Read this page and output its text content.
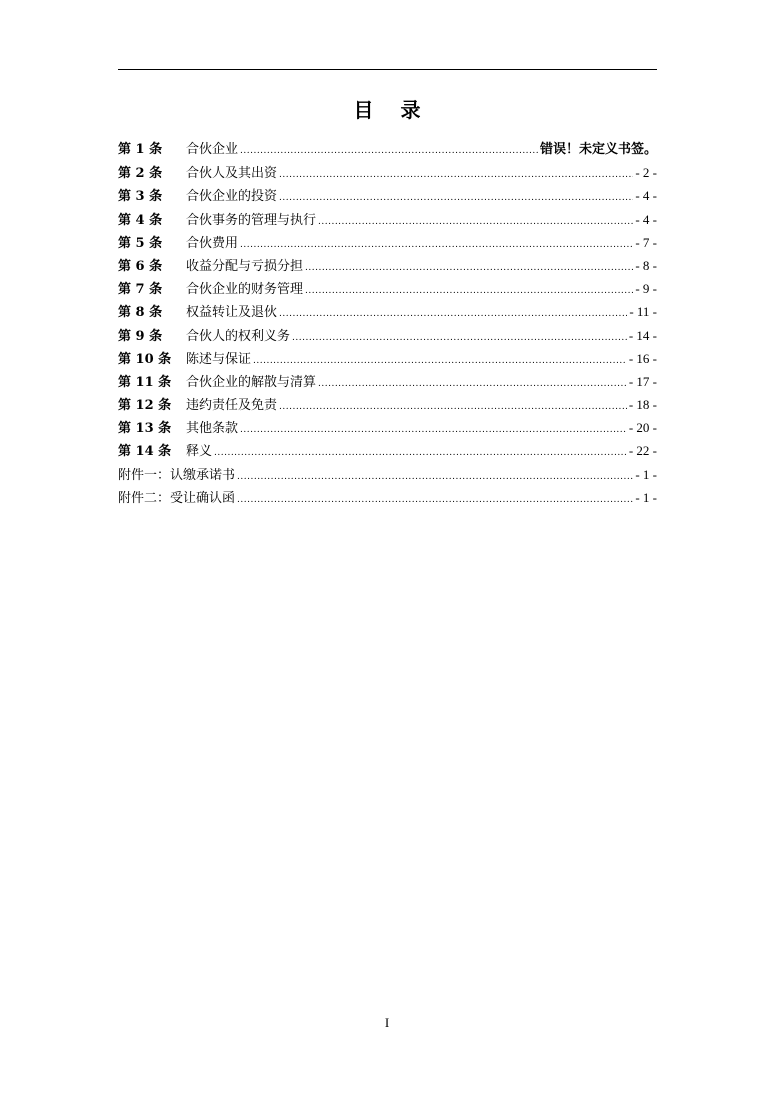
目 录
第 1 条	合伙企业 .....	错误！未定义书签。
第 2 条	合伙人及其出资 .....	- 2 -
第 3 条	合伙企业的投资 .....	- 4 -
第 4 条	合伙事务的管理与执行 .....	- 4 -
第 5 条	合伙费用 .....	- 7 -
第 6 条	收益分配与亏损分担 .....	- 8 -
第 7 条	合伙企业的财务管理 .....	- 9 -
第 8 条	权益转让及退伙 .....	- 11 -
第 9 条	合伙人的权利义务 .....	- 14 -
第 10 条	陈述与保证 .....	- 16 -
第 11 条	合伙企业的解散与清算 .....	- 17 -
第 12 条	违约责任及免责 .....	- 18 -
第 13 条	其他条款 .....	- 20 -
第 14 条	释义 .....	- 22 -
附件一： 认缴承诺书 .....	- 1 -
附件二： 受让确认函 .....	- 1 -
I
